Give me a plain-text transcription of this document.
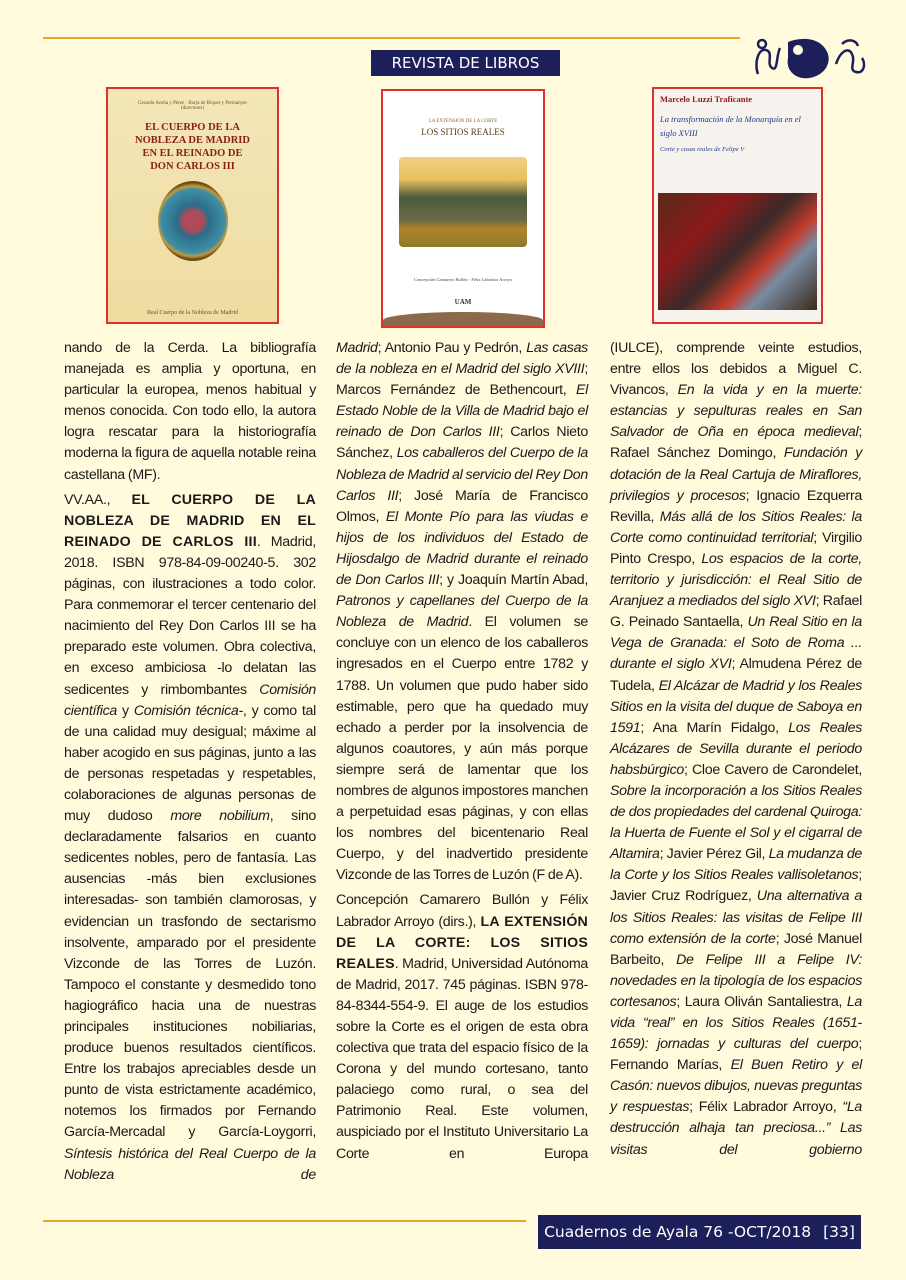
REVISTA DE LIBROS
Gerardo Aceña y Pérez · Borja de Riquer y Permanyer (directores)
EL CUERPO DE LA NOBLEZA DE MADRID EN EL REINADO DE DON CARLOS III
Real Cuerpo de la Nobleza de Madrid
LA EXTENSIÓN DE LA CORTE
LOS SITIOS REALES
Concepción Camarero Bullón · Félix Labrador Arroyo
UAM
Marcelo Luzzi Traficante
La transformación de la Monarquía en el siglo XVIII
Corte y casas reales de Felipe V

nando de la Cerda. La bibliografía manejada es amplia y oportuna, en particular la europea, menos habitual y menos conocida. Con todo ello, la autora logra rescatar para la historiografía moderna la figura de aquella notable reina castellana (MF).

VV.AA., EL CUERPO DE LA NOBLEZA DE MADRID EN EL REINADO DE CARLOS III. Madrid, 2018. ISBN 978-84-09-00240-5. 302 páginas, con ilustraciones a todo color. Para conmemorar el tercer centenario del nacimiento del Rey Don Carlos III se ha preparado este volumen. Obra colectiva, en exceso ambiciosa -lo delatan las sedicentes y rimbombantes Comisión científica y Comisión técnica-, y como tal de una calidad muy desigual; máxime al haber acogido en sus páginas, junto a las de personas respetadas y respetables, colaboraciones de algunas personas de muy dudoso more nobilium, sino declaradamente falsarios en cuanto sedicentes nobles, pero de fantasía. Las ausencias -más bien exclusiones interesadas- son también clamorosas, y evidencian un trasfondo de sectarismo insolvente, amparado por el presidente Vizconde de las Torres de Luzón. Tampoco el constante y desmedido tono hagiográfico hacia una de nuestras principales instituciones nobiliarias, produce buenos resultados científicos. Entre los trabajos apreciables desde un punto de vista estrictamente académico, notemos los firmados por Fernando García-Mercadal y García-Loygorri, Síntesis histórica del Real Cuerpo de la Nobleza de

Madrid; Antonio Pau y Pedrón, Las casas de la nobleza en el Madrid del siglo XVIII; Marcos Fernández de Bethencourt, El Estado Noble de la Villa de Madrid bajo el reinado de Don Carlos III; Carlos Nieto Sánchez, Los caballeros del Cuerpo de la Nobleza de Madrid al servicio del Rey Don Carlos III; José María de Francisco Olmos, El Monte Pío para las viudas e hijos de los individuos del Estado de Hijosdalgo de Madrid durante el reinado de Don Carlos III; y Joaquín Martín Abad, Patronos y capellanes del Cuerpo de la Nobleza de Madrid. El volumen se concluye con un elenco de los caballeros ingresados en el Cuerpo entre 1782 y 1788. Un volumen que pudo haber sido estimable, pero que ha quedado muy echado a perder por la insolvencia de algunos coautores, y aún más porque siempre será de lamentar que los nombres de algunos impostores manchen a perpetuidad esas páginas, y con ellas los nombres del bicentenario Real Cuerpo, y del inadvertido presidente Vizconde de las Torres de Luzón (F de A).

Concepción Camarero Bullón y Félix Labrador Arroyo (dirs.), LA EXTENSIÓN DE LA CORTE: LOS SITIOS REALES. Madrid, Universidad Autónoma de Madrid, 2017. 745 páginas. ISBN 978-84-8344-554-9. El auge de los estudios sobre la Corte es el origen de esta obra colectiva que trata del espacio físico de la Corona y del mundo cortesano, tanto palaciego como rural, o sea del Patrimonio Real. Este volumen, auspiciado por el Instituto Universitario La Corte en Europa

(IULCE), comprende veinte estudios, entre ellos los debidos a Miguel C. Vivancos, En la vida y en la muerte: estancias y sepulturas reales en San Salvador de Oña en época medieval; Rafael Sánchez Domingo, Fundación y dotación de la Real Cartuja de Miraflores, privilegios y procesos; Ignacio Ezquerra Revilla, Más allá de los Sitios Reales: la Corte como continuidad territorial; Virgilio Pinto Crespo, Los espacios de la corte, territorio y jurisdicción: el Real Sitio de Aranjuez a mediados del siglo XVI; Rafael G. Peinado Santaella, Un Real Sitio en la Vega de Granada: el Soto de Roma ... durante el siglo XVI; Almudena Pérez de Tudela, El Alcázar de Madrid y los Reales Sitios en la visita del duque de Saboya en 1591; Ana Marín Fidalgo, Los Reales Alcázares de Sevilla durante el periodo habsbúrgico; Cloe Cavero de Carondelet, Sobre la incorporación a los Sitios Reales de dos propiedades del cardenal Quiroga: la Huerta de Fuente el Sol y el cigarral de Altamira; Javier Pérez Gil, La mudanza de la Corte y los Sitios Reales vallisoletanos; Javier Cruz Rodríguez, Una alternativa a los Sitios Reales: las visitas de Felipe III como extensión de la corte; José Manuel Barbeito, De Felipe III a Felipe IV: novedades en la tipología de los espacios cortesanos; Laura Oliván Santaliestra, La vida “real” en los Sitios Reales (1651-1659): jornadas y culturas del cuerpo; Fernando Marías, El Buen Retiro y el Casón: nuevos dibujos, nuevas preguntas y respuestas; Félix Labrador Arroyo, “La destrucción alhaja tan preciosa...” Las visitas del gobierno

Cuadernos de Ayala 76 -OCT/2018 [33]
